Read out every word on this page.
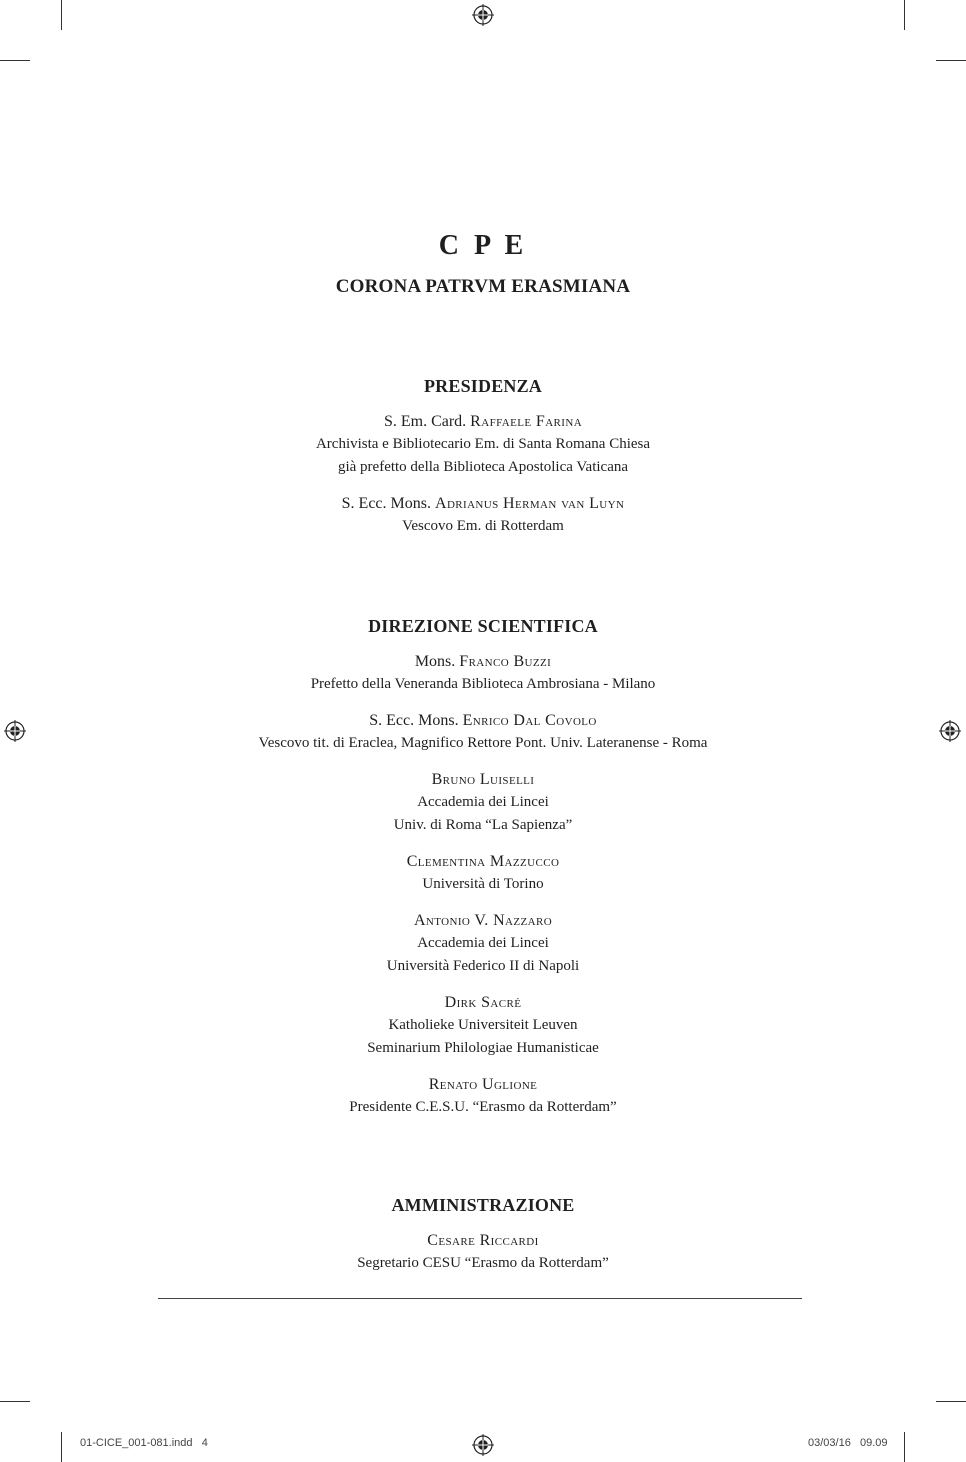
C P E
CORONA PATRVM ERASMIANA
PRESIDENZA
S. Em. Card. Raffaele Farina
Archivista e Bibliotecario Em. di Santa Romana Chiesa
già prefetto della Biblioteca Apostolica Vaticana
S. Ecc. Mons. Adrianus Herman van Luyn
Vescovo Em. di Rotterdam
DIREZIONE SCIENTIFICA
Mons. Franco Buzzi
Prefetto della Veneranda Biblioteca Ambrosiana - Milano
S. Ecc. Mons. Enrico Dal Covolo
Vescovo tit. di Eraclea, Magnifico Rettore Pont. Univ. Lateranense - Roma
Bruno Luiselli
Accademia dei Lincei
Univ. di Roma “La Sapienza”
Clementina Mazzucco
Università di Torino
Antonio V. Nazzaro
Accademia dei Lincei
Università Federico II di Napoli
Dirk Sacré
Katholieke Universiteit Leuven
Seminarium Philologiae Humanisticae
Renato Uglione
Presidente C.E.S.U. “Erasmo da Rotterdam”
AMMINISTRAZIONE
Cesare Riccardi
Segretario CESU “Erasmo da Rotterdam”
01-CICE_001-081.indd   4	03/03/16   09.09
